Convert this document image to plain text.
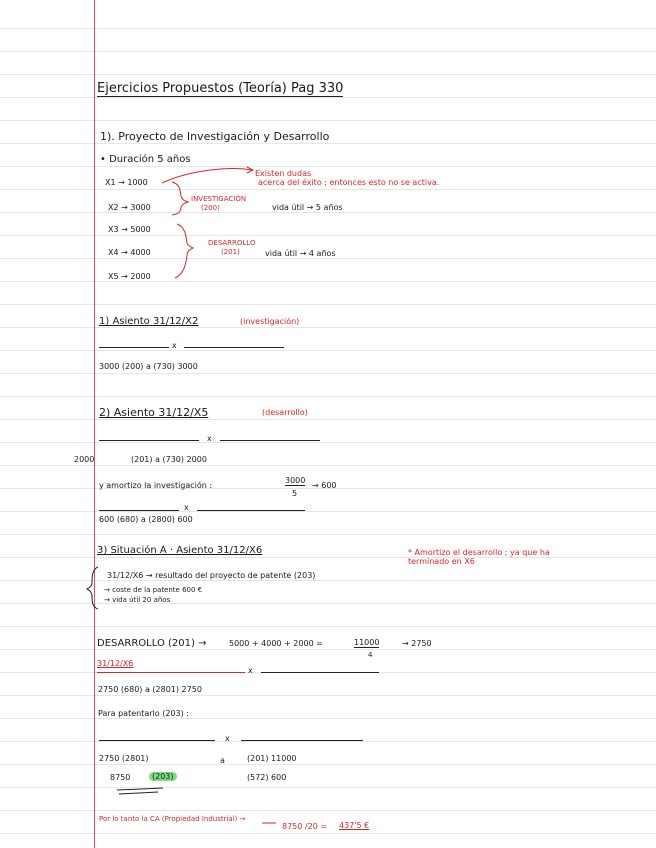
Ejercicios Propuestos (Teoría) Pag 330
1). Proyecto de Investigación y Desarrollo
• Duración 5 años
Existen dudas
acerca del éxito ; entonces esto no se activa.
X1 → 1000
X2 → 3000
X3 → 5000
X4 → 4000
X5 → 2000
INVESTIGACIÓN
(200)	vida útil → 5 años
DESARROLLO
(201)	vida útil → 4 años
1) Asiento 31/12/X2	(investigación)
x
3000 (200) a (730) 3000
2) Asiento 31/12/X5	(desarrollo)
x
2000	(201) a (730) 2000
y amortizo la investigación :
3000
5
→ 600
x
600 (680) a (2800) 600
3) Situación A · Asiento 31/12/X6	* Amortizo el desarrollo ; ya que ha terminado en X6
31/12/X6 → resultado del proyecto de patente (203)
→ coste de la patente 600 €
→ vida útil 20 años
DESARROLLO (201) →	5000 + 4000 + 2000 =	11000
4
→ 2750
31/12/X6
x
2750 (680) a (2801) 2750
Para patentarlo (203) :
x
2750 (2801)	a	(201) 11000
8750	(203)	(572) 600
Por lo tanto la CA (Propiedad Industrial) →
8750 /20 = 437'5 €
